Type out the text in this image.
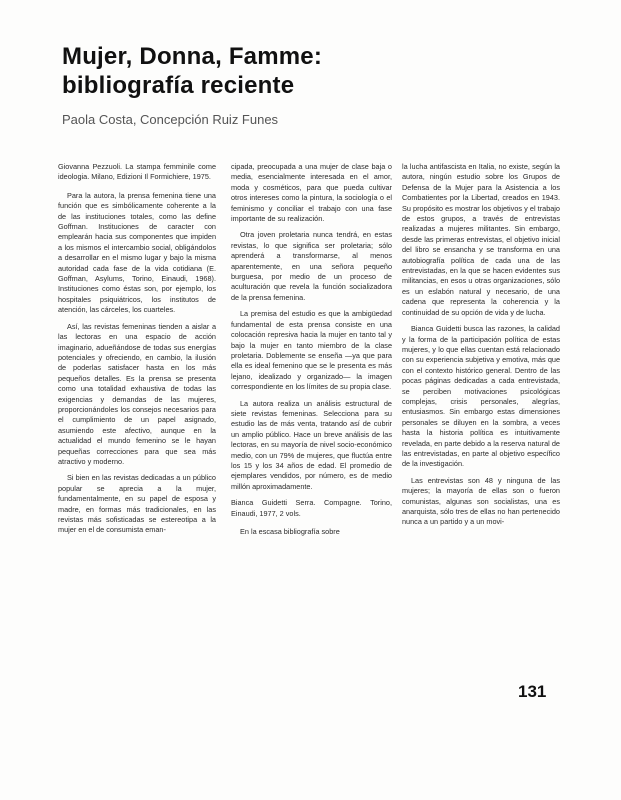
Mujer, Donna, Famme:
bibliografía reciente
Paola Costa, Concepción Ruiz Funes

Giovanna Pezzuoli. La stampa femminile come ideologia. Milano, Edizioni Il Formichiere, 1975.

Para la autora, la prensa femenina tiene una función que es simbólicamente coherente a la de las instituciones totales, como las define Goffman. Instituciones de caracter con emplearán hacia sus componentes que impiden a los mismos el intercambio social, obligándolos a desarrollar en el mismo lugar y bajo la misma autoridad cada fase de la vida cotidiana (E. Goffman, Asylums, Torino, Einaudi, 1968). Instituciones como éstas son, por ejemplo, los hospitales psiquiátricos, los institutos de atención, las cárceles, los cuarteles.

Así, las revistas femeninas tienden a aislar a las lectoras en una espacio de acción imaginario, adueñándose de todas sus energías potenciales y ofreciendo, en cambio, la ilusión de poderlas satisfacer hasta en los más pequeños detalles. Es la prensa se presenta como una totalidad exhaustiva de todas las exigencias y demandas de las mujeres, proporcionándoles los consejos necesarios para el cumplimiento de un papel asignado, asumiendo este afectivo, aunque en la actualidad el mundo femenino se le hayan pequeñas correcciones para que sea más atractivo y moderno.

Si bien en las revistas dedicadas a un público popular se aprecia a la mujer, fundamentalmente, en su papel de esposa y madre, en formas más tradicionales, en las revistas más sofisticadas se estereotipa a la mujer en el de consumista eman-

cipada, preocupada a una mujer de clase baja o media, esencialmente interesada en el amor, moda y cosméticos, para que pueda cultivar otros intereses como la pintura, la sociología o el feminismo y conciliar el trabajo con una fase importante de su realización.

Otra joven proletaria nunca tendrá, en estas revistas, lo que significa ser proletaria; sólo aprenderá a transformarse, al menos aparentemente, en una señora pequeño burguesa, por medio de un proceso de aculturación que revela la función socializadora de la prensa femenina.

La premisa del estudio es que la ambigüedad fundamental de esta prensa consiste en una colocación represiva hacia la mujer en tanto tal y bajo la mujer en tanto miembro de la clase proletaria. Doblemente se enseña —ya que para ella es ideal femenino que se le presenta es más lejano, idealizado y organizado— la imagen correspondiente en los límites de su propia clase.

La autora realiza un análisis estructural de siete revistas femeninas. Selecciona para su estudio las de más venta, tratando así de cubrir un amplio público. Hace un breve análisis de las lectoras, en su mayoría de nivel socio-económico medio, con un 79% de mujeres, que fluctúa entre los 15 y los 34 años de edad. El promedio de ejemplares vendidos, por número, es de medio millón aproximadamente.

Bianca Guidetti Serra. Compagne. Torino, Einaudi, 1977, 2 vols.

En la escasa bibliografía sobre

la lucha antifascista en Italia, no existe, según la autora, ningún estudio sobre los Grupos de Defensa de la Mujer para la Asistencia a los Combatientes por la Libertad, creados en 1943. Su propósito es mostrar los objetivos y el trabajo de estos grupos, a través de entrevistas realizadas a mujeres militantes. Sin embargo, desde las primeras entrevistas, el objetivo inicial del libro se ensancha y se transforma en una autobiografía política de cada una de las entrevistadas, en la que se hacen evidentes sus militancias, en esos u otras organizaciones, sólo es un eslabón natural y necesario, de una cadena que representa la coherencia y la continuidad de su opción de vida y de lucha.

Bianca Guidetti busca las razones, la calidad y la forma de la participación política de estas mujeres, y lo que ellas cuentan está relacionado con su experiencia subjetiva y emotiva, más que con el contexto histórico general. Dentro de las pocas páginas dedicadas a cada entrevistada, se perciben motivaciones psicológicas complejas, crisis personales, alegrías, entusiasmos. Sin embargo estas dimensiones personales se diluyen en la sombra, a veces hasta la historia política es intuitivamente revelada, en parte debido a la reserva natural de las entrevistadas, en parte al objetivo específico de la investigación.

Las entrevistas son 48 y ninguna de las mujeres; la mayoría de ellas son o fueron comunistas, algunas son socialistas, una es anarquista, sólo tres de ellas no han pertenecido nunca a un partido y a un movi-

131
